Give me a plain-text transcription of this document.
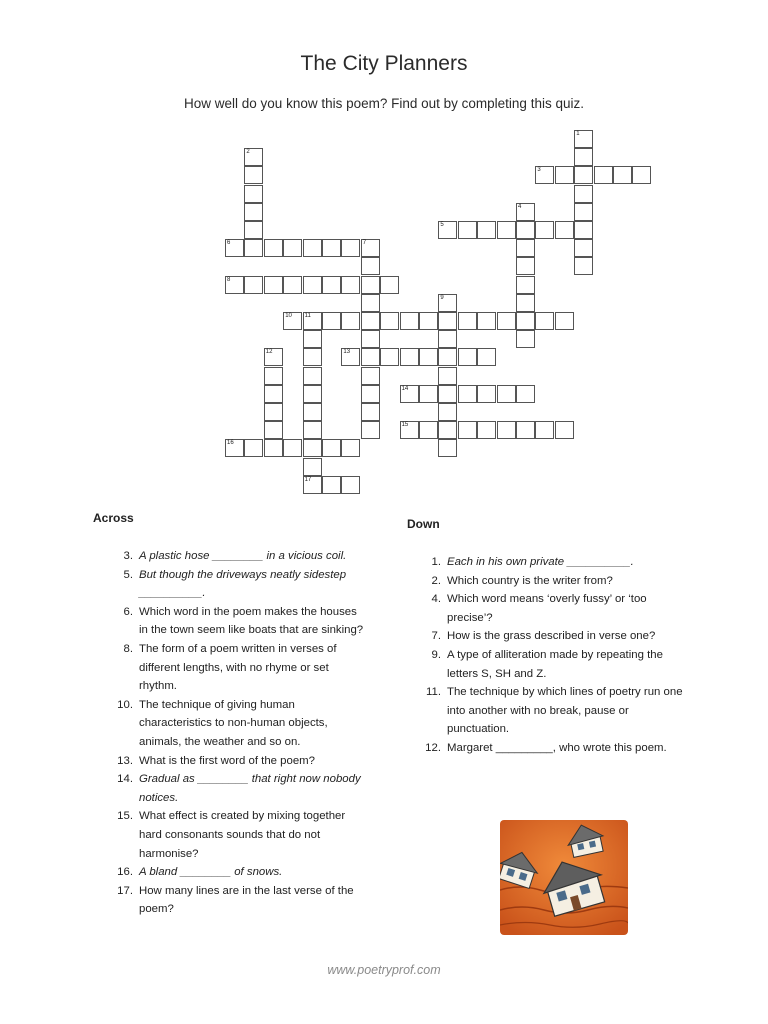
The City Planners
How well do you know this poem? Find out by completing this quiz.
1
2
3
4
5
6	7
8
9
10 11
12	13
14
15
16
17
Across	Down
3. A plastic hose ________ in a vicious coil.
5. But though the driveways neatly sidestep __________.
6. Which word in the poem makes the houses in the town seem like boats that are sinking?
8. The form of a poem written in verses of different lengths, with no rhyme or set rhythm.
10. The technique of giving human characteristics to non-human objects, animals, the weather and so on.
13. What is the first word of the poem?
14. Gradual as ________ that right now nobody notices.
15. What effect is created by mixing together hard consonants sounds that do not harmonise?
16. A bland ________ of snows.
17. How many lines are in the last verse of the poem?
1. Each in his own private __________.
2. Which country is the writer from?
4. Which word means ‘overly fussy’ or ‘too precise’?
7. How is the grass described in verse one?
9. A type of alliteration made by repeating the letters S, SH and Z.
11. The technique by which lines of poetry run one into another with no break, pause or punctuation.
12. Margaret _________, who wrote this poem.
www.poetryprof.com
